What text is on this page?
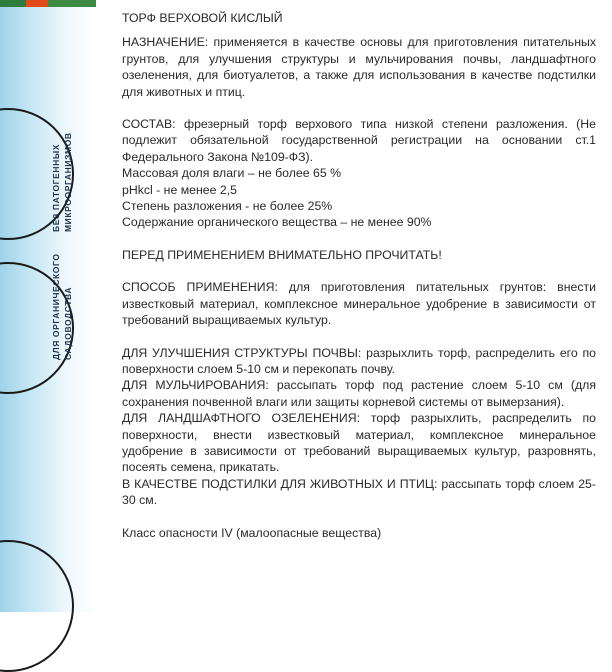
БЕЗ ПАТОГЕННЫХ МИКРООРГАНИЗМОВ
ДЛЯ ОРГАНИЧЕСКОГО САДОВОДСТВА

ТОРФ ВЕРХОВОЙ КИСЛЫЙ

НАЗНАЧЕНИЕ: применяется в качестве основы для приготовления питательных грунтов, для улучшения структуры и мульчирования почвы, ландшафтного озеленения, для биотуалетов, а также для использования в качестве подстилки для животных и птиц.

СОСТАВ: фрезерный торф верхового типа низкой степени разложения. (Не подлежит обязательной государственной регистрации на основании ст.1 Федерального Закона №109-ФЗ).

Массовая доля влаги – не более 65 %

pHkcl - не менее 2,5

Степень разложения - не более 25%

Содержание органического вещества – не менее 90%

ПЕРЕД ПРИМЕНЕНИЕМ ВНИМАТЕЛЬНО ПРОЧИТАТЬ!

СПОСОБ ПРИМЕНЕНИЯ: для приготовления питательных грунтов: внести известковый материал, комплексное минеральное удобрение в зависимости от требований выращиваемых культур.

ДЛЯ УЛУЧШЕНИЯ СТРУКТУРЫ ПОЧВЫ: разрыхлить торф, распределить его по поверхности слоем 5-10 см и перекопать почву.

ДЛЯ МУЛЬЧИРОВАНИЯ: рассыпать торф под растение слоем 5-10 см (для сохранения почвенной влаги или защиты корневой системы от вымерзания).

ДЛЯ ЛАНДШАФТНОГО ОЗЕЛЕНЕНИЯ: торф разрыхлить, распределить по поверхности, внести известковый материал, комплексное минеральное удобрение в зависимости от требований выращиваемых культур, разровнять, посеять семена, прикатать.

В КАЧЕСТВЕ ПОДСТИЛКИ ДЛЯ ЖИВОТНЫХ И ПТИЦ: рассыпать торф слоем 25-30 см.

Класс опасности IV (малоопасные вещества)
